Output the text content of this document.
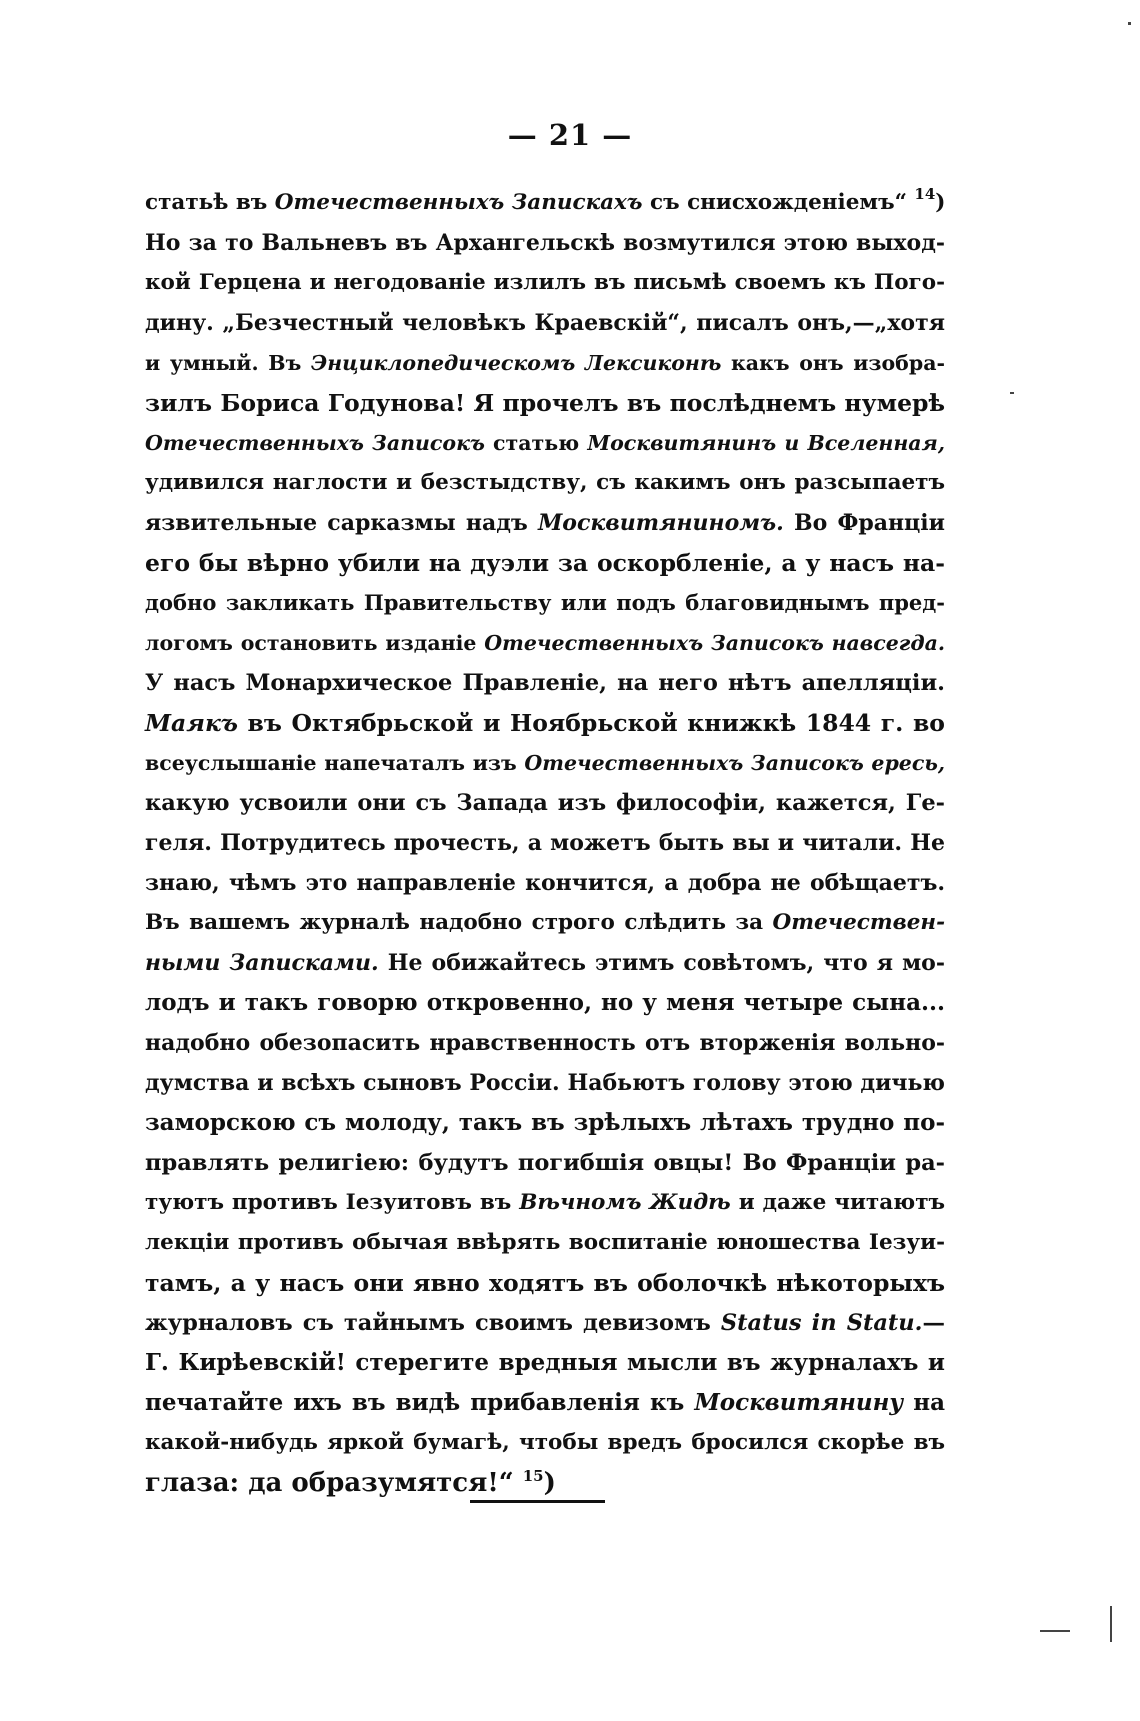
— 21 —
статьѣ въ Отечественныхъ Запискахъ съ снисхожденіемъ“ $^{14}$)
Но за то Вальневъ въ Архангельскѣ возмутился этою выход-
кой Герцена и негодованіе излилъ въ письмѣ своемъ къ Пого-
дину. „Безчестный человѣкъ Краевскій“, писалъ онъ,—„хотя
и умный. Въ Энциклопедическомъ Лексиконѣ какъ онъ изобра-
зилъ Бориса Годунова! Я прочелъ въ послѣднемъ нумерѣ
Отечественныхъ Записокъ статью Москвитянинъ и Вселенная,
удивился наглости и безстыдству, съ какимъ онъ разсыпаетъ
язвительные сарказмы надъ Москвитяниномъ. Во Франціи
его бы вѣрно убили на дуэли за оскорбленіе, а у насъ на-
добно закликать Правительству или подъ благовиднымъ пред-
логомъ остановить изданіе Отечественныхъ Записокъ навсегда.
У насъ Монархическое Правленіе, на него нѣтъ апелляціи.
Маякъ въ Октябрьской и Ноябрьской книжкѣ 1844 г. во
всеуслышаніе напечаталъ изъ Отечественныхъ Записокъ ересь,
какую усвоили они съ Запада изъ философіи, кажется, Ге-
геля. Потрудитесь прочесть, а можетъ быть вы и читали. Не
знаю, чѣмъ это направленіе кончится, а добра не обѣщаетъ.
Въ вашемъ журналѣ надобно строго слѣдить за Отечествен-
ными Записками. Не обижайтесь этимъ совѣтомъ, что я мо-
лодъ и такъ говорю откровенно, но у меня четыре сына...
надобно обезопасить нравственность отъ вторженія вольно-
думства и всѣхъ сыновъ Россіи. Набьютъ голову этою дичью
заморскою съ молоду, такъ въ зрѣлыхъ лѣтахъ трудно по-
правлять религіею: будутъ погибшія овцы! Во Франціи ра-
туютъ противъ Іезуитовъ въ Вѣчномъ Жидѣ и даже читаютъ
лекціи противъ обычая ввѣрять воспитаніе юношества Іезуи-
тамъ, а у насъ они явно ходятъ въ оболочкѣ нѣкоторыхъ
журналовъ съ тайнымъ своимъ девизомъ Status in Statu.—
Г. Кирѣевскій! стерегите вредныя мысли въ журналахъ и
печатайте ихъ въ видѣ прибавленія къ Москвитянину на
какой-нибудь яркой бумагѣ, чтобы вредъ бросился скорѣе въ
глаза: да образумятся!“ $^{15}$)
